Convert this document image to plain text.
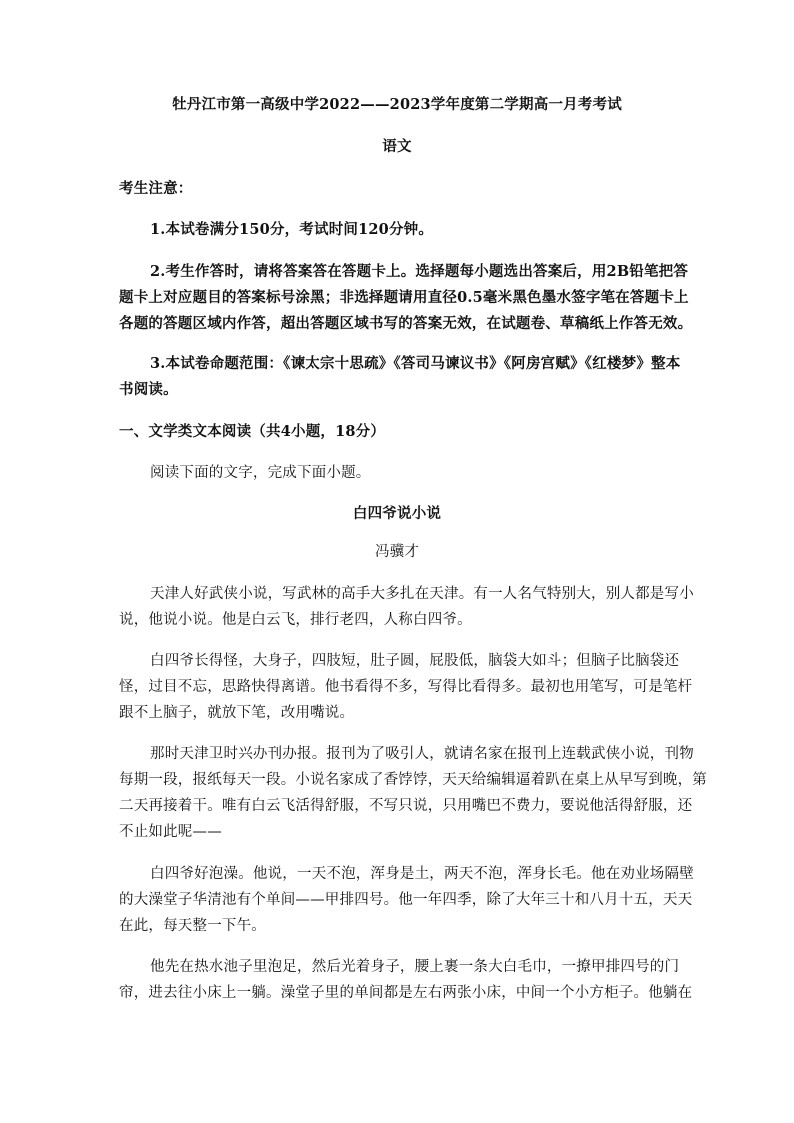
牡丹江市第一高级中学2022——2023学年度第二学期高一月考考试
语文
考生注意：
1.本试卷满分150分，考试时间120分钟。
2.考生作答时，请将答案答在答题卡上。选择题每小题选出答案后，用2B铅笔把答
题卡上对应题目的答案标号涂黑；非选择题请用直径0.5毫米黑色墨水签字笔在答题卡上
各题的答题区域内作答，超出答题区域书写的答案无效，在试题卷、草稿纸上作答无效。
3.本试卷命题范围：《谏太宗十思疏》《答司马谏议书》《阿房宫赋》《红楼梦》整本
书阅读。
一、文学类文本阅读（共4小题，18分）
阅读下面的文字，完成下面小题。
白四爷说小说
冯骥才
天津人好武侠小说，写武林的高手大多扎在天津。有一人名气特别大，别人都是写小
说，他说小说。他是白云飞，排行老四，人称白四爷。
白四爷长得怪，大身子，四肢短，肚子圆，屁股低，脑袋大如斗；但脑子比脑袋还
怪，过目不忘，思路快得离谱。他书看得不多，写得比看得多。最初也用笔写，可是笔杆
跟不上脑子，就放下笔，改用嘴说。
那时天津卫时兴办刊办报。报刊为了吸引人，就请名家在报刊上连载武侠小说，刊物
每期一段，报纸每天一段。小说名家成了香饽饽，天天给编辑逼着趴在桌上从早写到晚，第
二天再接着干。唯有白云飞活得舒服，不写只说，只用嘴巴不费力，要说他活得舒服，还
不止如此呢——
白四爷好泡澡。他说，一天不泡，浑身是土，两天不泡，浑身长毛。他在劝业场隔壁
的大澡堂子华清池有个单间——甲排四号。他一年四季，除了大年三十和八月十五，天天
在此，每天整一下午。
他先在热水池子里泡足，然后光着身子，腰上裹一条大白毛巾，一撩甲排四号的门
帘，进去往小床上一躺。澡堂子里的单间都是左右两张小床，中间一个小方柜子。他躺在
